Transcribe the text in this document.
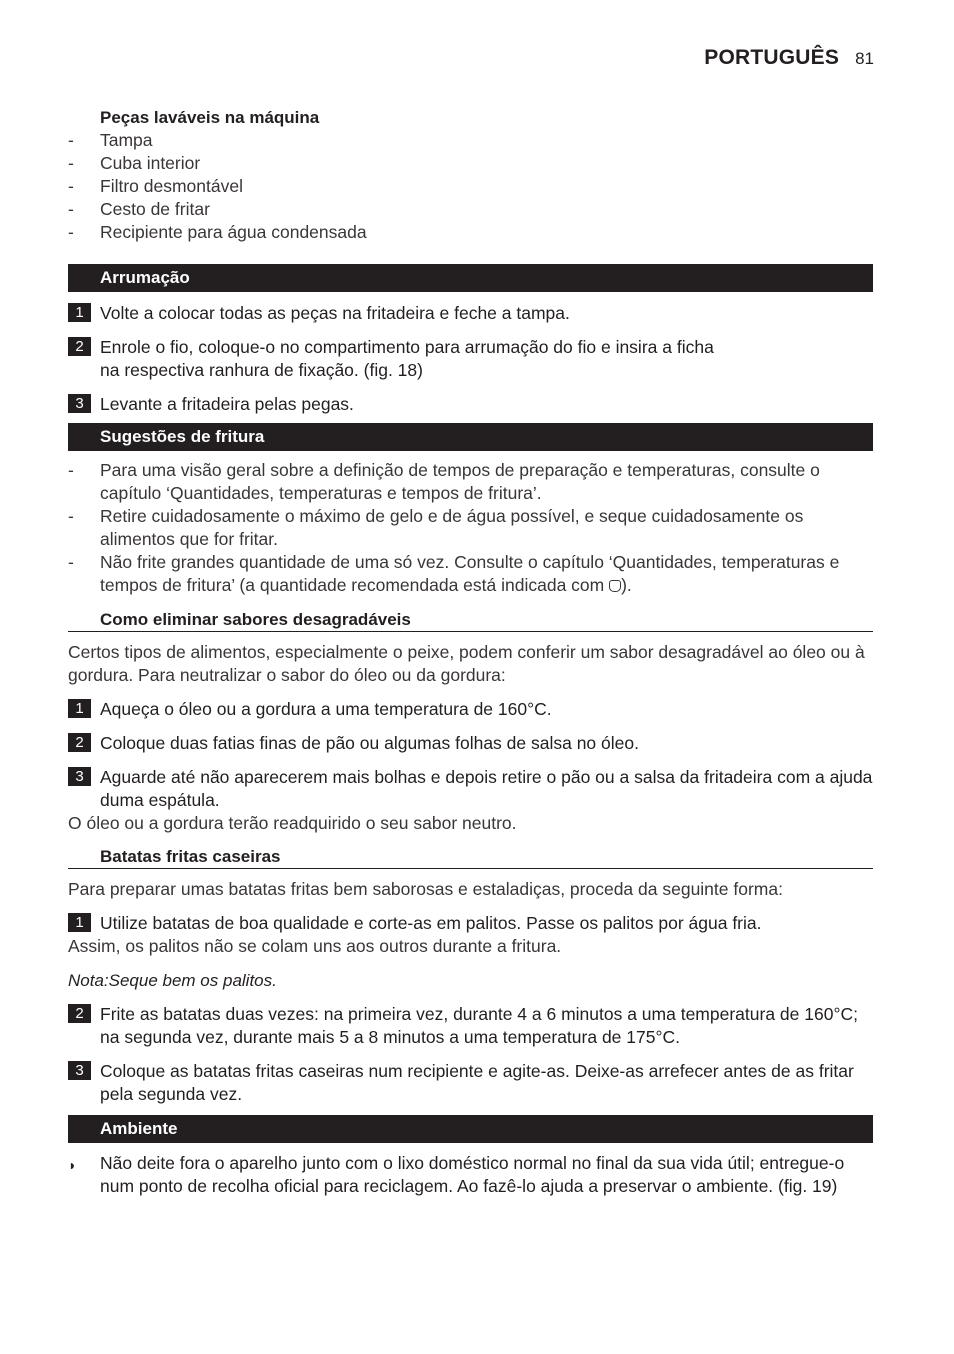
PORTUGUÊS 81
Peças laváveis na máquina
-	Tampa
-	Cuba interior
-	Filtro desmontável
-	Cesto de fritar
-	Recipiente para água condensada
Arrumação
1 Volte a colocar todas as peças na fritadeira e feche a tampa.
2 Enrole o fio, coloque-o no compartimento para arrumação do fio e insira a ficha
na respectiva ranhura de fixação. (fig. 18)
3 Levante a fritadeira pelas pegas.
Sugestões de fritura
-	Para uma visão geral sobre a definição de tempos de preparação e temperaturas, consulte o capítulo ‘Quantidades, temperaturas e tempos de fritura’.
-	Retire cuidadosamente o máximo de gelo e de água possível, e seque cuidadosamente os alimentos que for fritar.
-	Não frite grandes quantidade de uma só vez. Consulte o capítulo ‘Quantidades, temperaturas e tempos de fritura’ (a quantidade recomendada está indicada com ).
Como eliminar sabores desagradáveis
Certos tipos de alimentos, especialmente o peixe, podem conferir um sabor desagradável ao óleo ou à gordura. Para neutralizar o sabor do óleo ou da gordura:
1 Aqueça o óleo ou a gordura a uma temperatura de 160°C.
2 Coloque duas fatias finas de pão ou algumas folhas de salsa no óleo.
3 Aguarde até não aparecerem mais bolhas e depois retire o pão ou a salsa da fritadeira com a ajuda duma espátula.
O óleo ou a gordura terão readquirido o seu sabor neutro.
Batatas fritas caseiras
Para preparar umas batatas fritas bem saborosas e estaladiças, proceda da seguinte forma:
1 Utilize batatas de boa qualidade e corte-as em palitos. Passe os palitos por água fria.
Assim, os palitos não se colam uns aos outros durante a fritura.
Nota:Seque bem os palitos.
2 Frite as batatas duas vezes: na primeira vez, durante 4 a 6 minutos a uma temperatura de 160°C; na segunda vez, durante mais 5 a 8 minutos a uma temperatura de 175°C.
3 Coloque as batatas fritas caseiras num recipiente e agite-as. Deixe-as arrefecer antes de as fritar pela segunda vez.
Ambiente
◗ Não deite fora o aparelho junto com o lixo doméstico normal no final da sua vida útil; entregue-o num ponto de recolha oficial para reciclagem. Ao fazê-lo ajuda a preservar o ambiente. (fig. 19)
